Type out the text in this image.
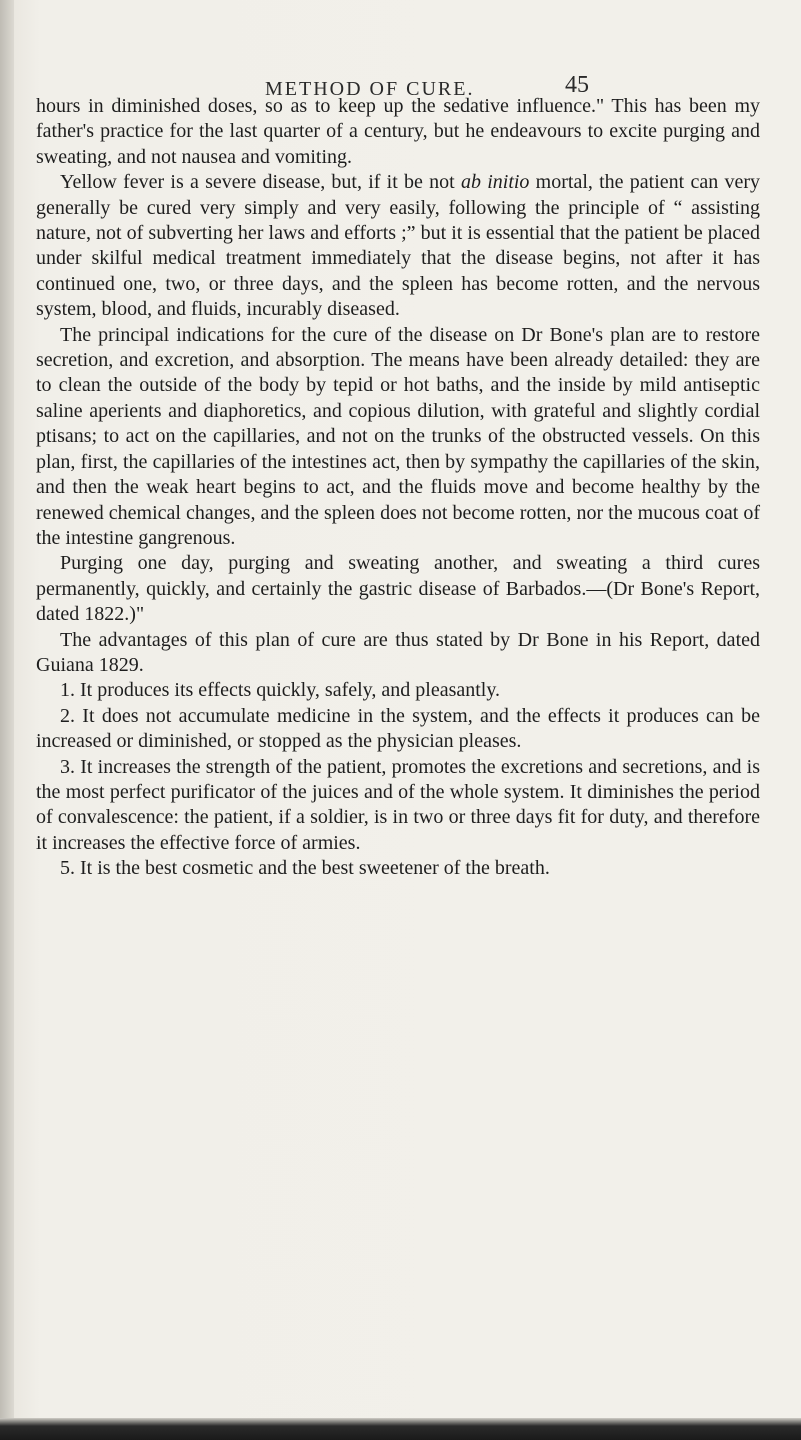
METHOD OF CURE.	45

hours in diminished doses, so as to keep up the sedative influence." This has been my father's practice for the last quarter of a century, but he endeavours to excite purging and sweating, and not nausea and vomiting.

Yellow fever is a severe disease, but, if it be not ab initio mortal, the patient can very generally be cured very simply and very easily, following the principle of “ assisting nature, not of subverting her laws and efforts ;” but it is essential that the patient be placed under skilful medical treatment immediately that the disease begins, not after it has continued one, two, or three days, and the spleen has become rotten, and the nervous system, blood, and fluids, incurably diseased.

The principal indications for the cure of the disease on Dr Bone's plan are to restore secretion, and excretion, and absorption. The means have been already detailed: they are to clean the outside of the body by tepid or hot baths, and the inside by mild antiseptic saline aperients and diaphoretics, and copious dilution, with grateful and slightly cordial ptisans; to act on the capillaries, and not on the trunks of the obstructed vessels. On this plan, first, the capillaries of the intestines act, then by sympathy the capillaries of the skin, and then the weak heart begins to act, and the fluids move and become healthy by the renewed chemical changes, and the spleen does not become rotten, nor the mucous coat of the intestine gangrenous.

Purging one day, purging and sweating another, and sweating a third cures permanently, quickly, and certainly the gastric disease of Barbados.—(Dr Bone's Report, dated 1822.)"

The advantages of this plan of cure are thus stated by Dr Bone in his Report, dated Guiana 1829.

1. It produces its effects quickly, safely, and pleasantly.

2. It does not accumulate medicine in the system, and the effects it produces can be increased or diminished, or stopped as the physician pleases.

3. It increases the strength of the patient, promotes the excretions and secretions, and is the most perfect purificator of the juices and of the whole system. It diminishes the period of convalescence: the patient, if a soldier, is in two or three days fit for duty, and therefore it increases the effective force of armies.

5. It is the best cosmetic and the best sweetener of the breath.
